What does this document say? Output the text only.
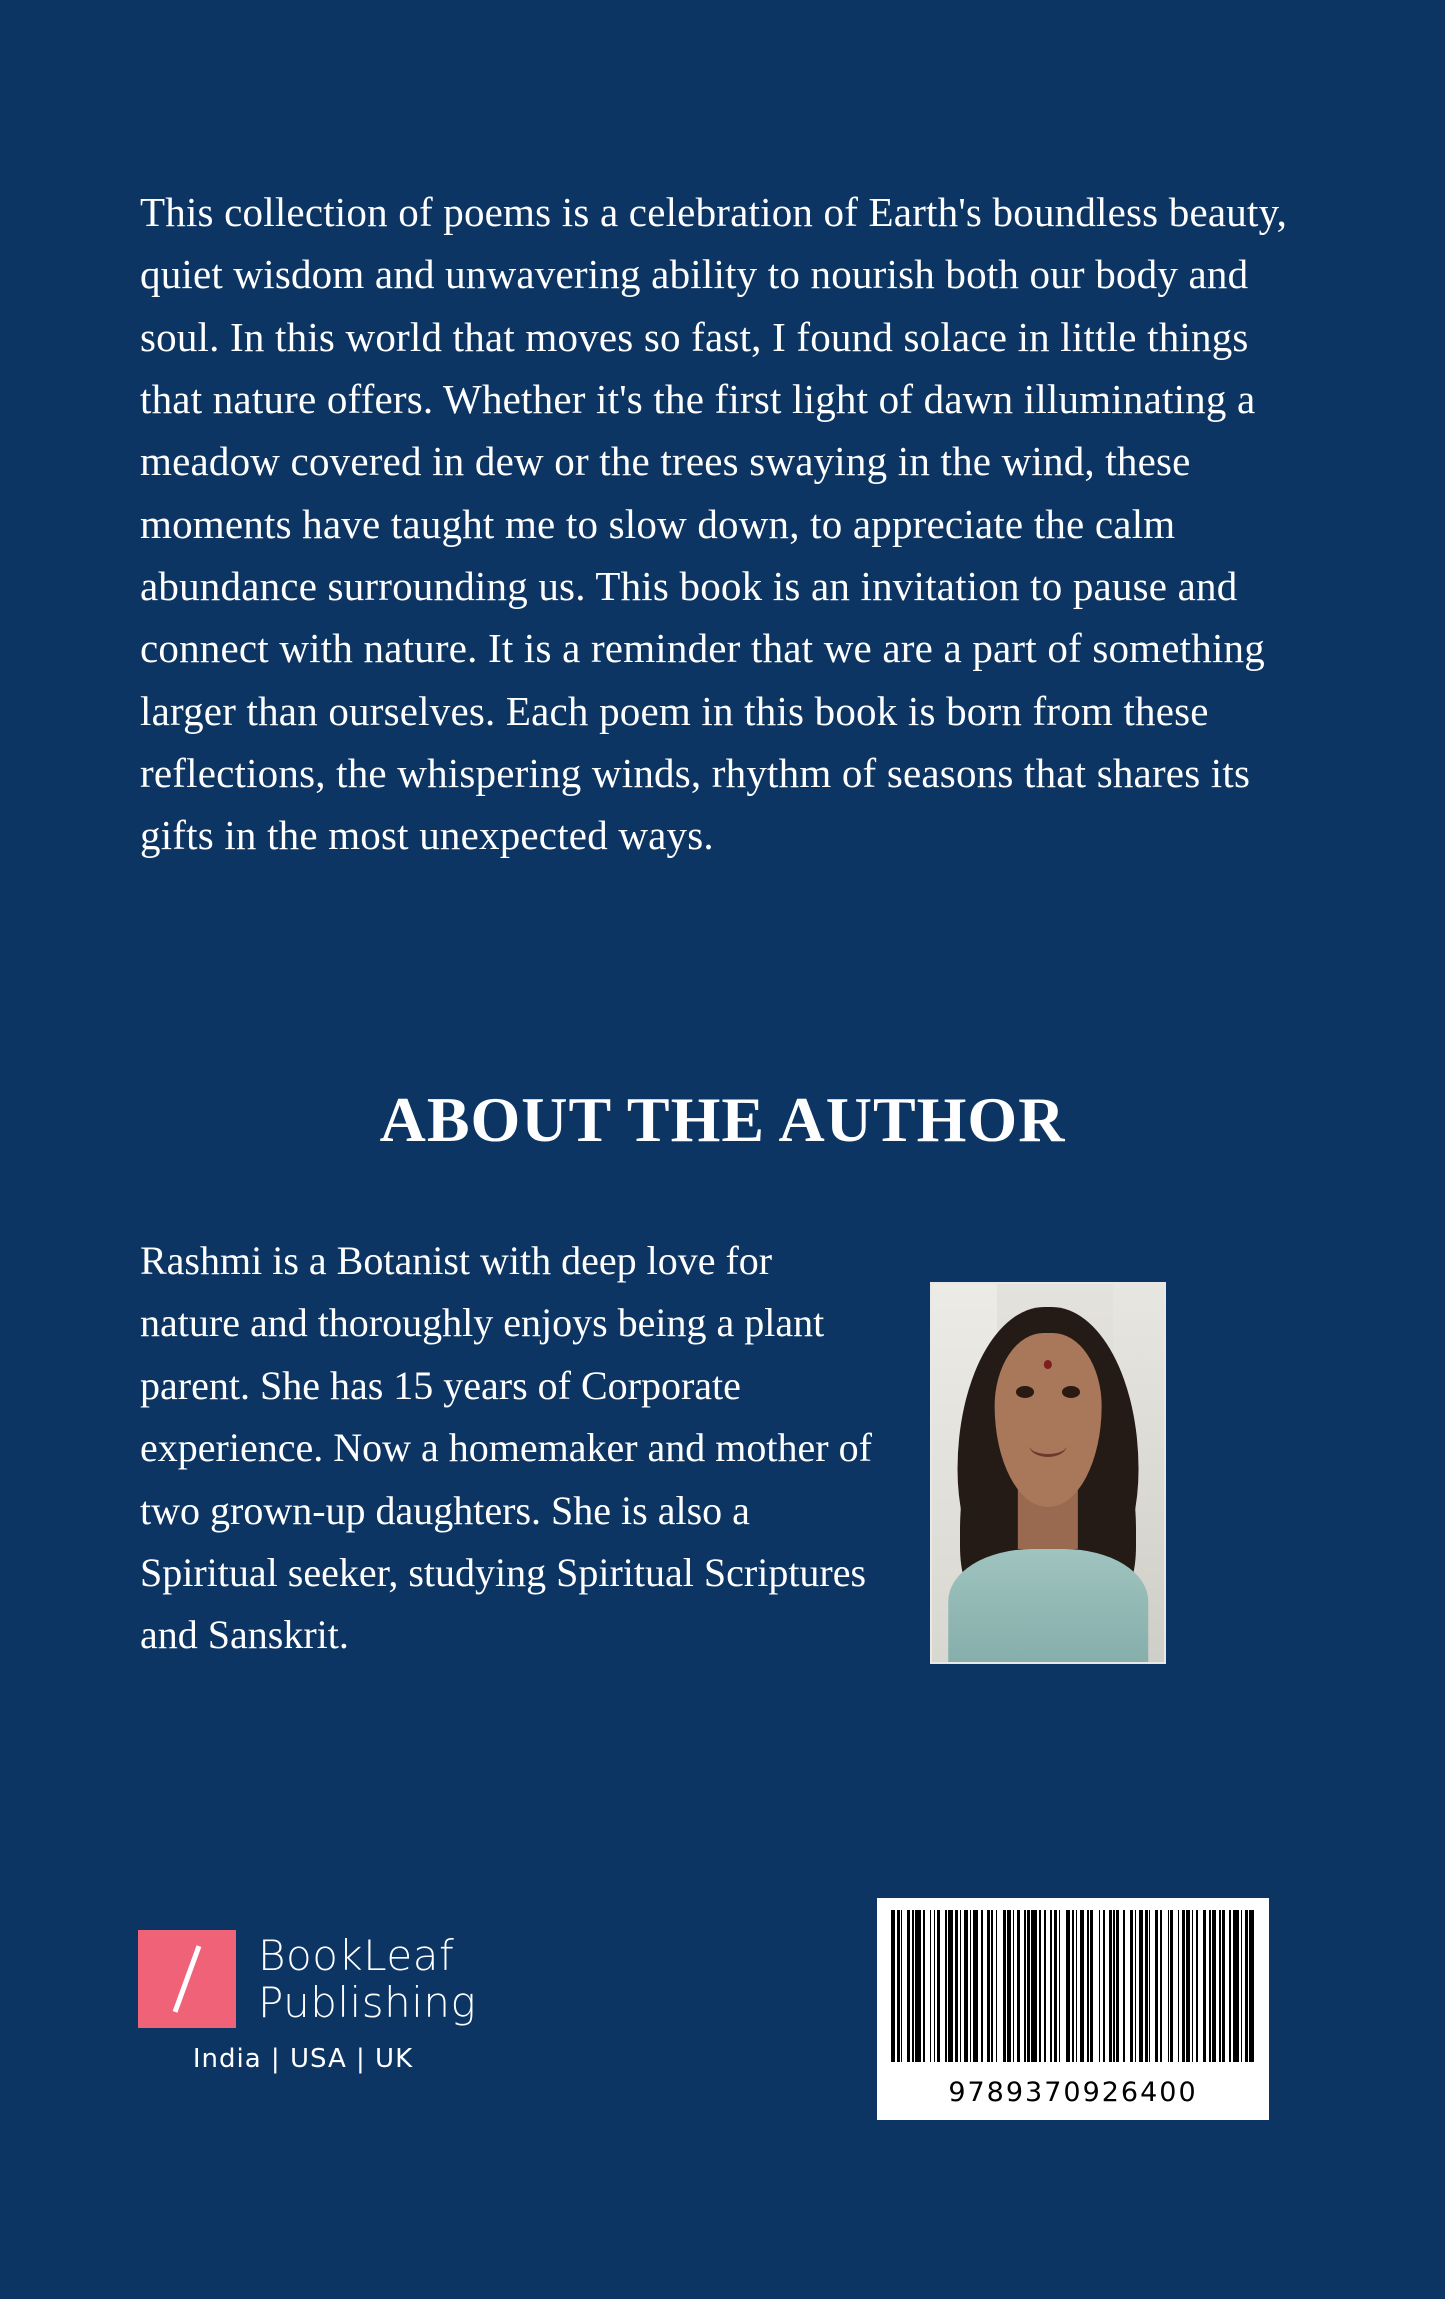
This collection of poems is a celebration of Earth's boundless beauty, quiet wisdom and unwavering ability to nourish both our body and soul. In this world that moves so fast, I found solace in little things that nature offers. Whether it's the first light of dawn illuminating a meadow covered in dew or the trees swaying in the wind, these moments have taught me to slow down, to appreciate the calm abundance surrounding us. This book is an invitation to pause and connect with nature. It is a reminder that we are a part of something larger than ourselves. Each poem in this book is born from these reflections, the whispering winds, rhythm of seasons that shares its gifts in the most unexpected ways.

ABOUT THE AUTHOR

Rashmi is a Botanist with deep love for nature and thoroughly enjoys being a plant parent. She has 15 years of Corporate experience. Now a homemaker and mother of two grown-up daughters. She is also a Spiritual seeker, studying Spiritual Scriptures and Sanskrit.

BookLeaf
Publishing
India | USA | UK
9789370926400
